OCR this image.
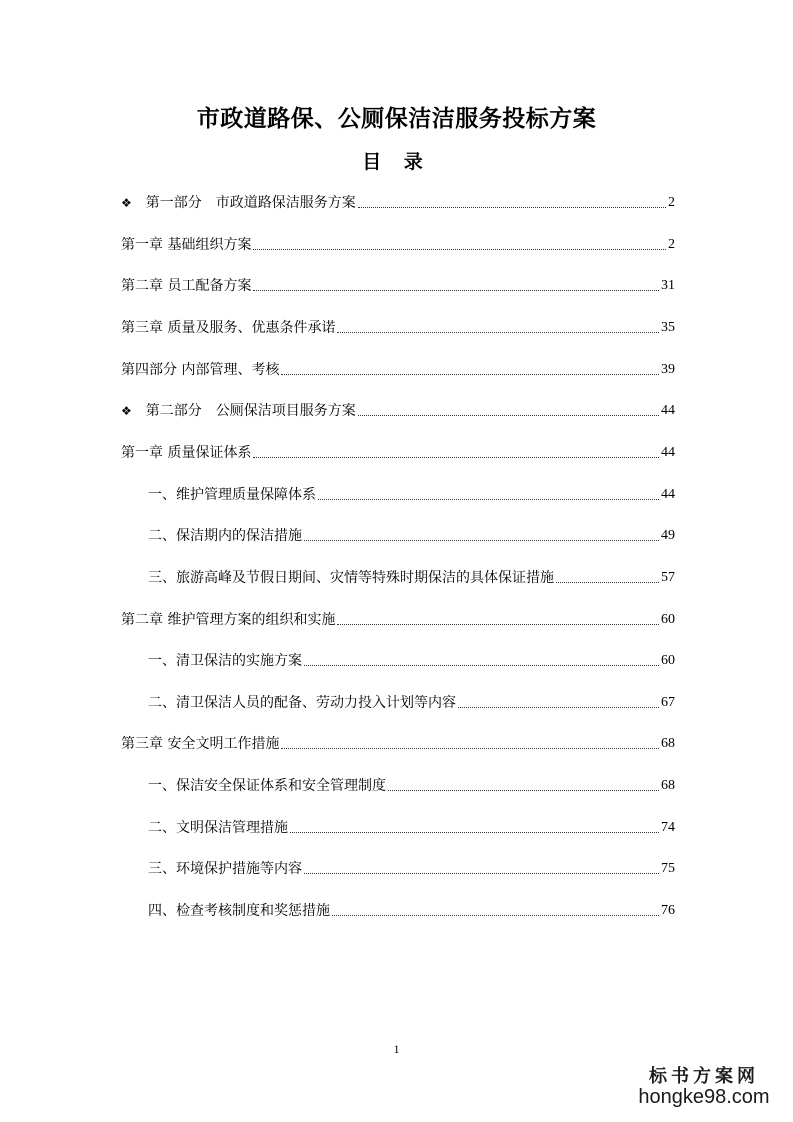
市政道路保、公厕保洁洁服务投标方案
目 录
❖ 第一部分　市政道路保洁服务方案	2
第一章 基础组织方案	2
第二章 员工配备方案	31
第三章 质量及服务、优惠条件承诺	35
第四部分 内部管理、考核	39
❖ 第二部分　公厕保洁项目服务方案	44
第一章 质量保证体系	44
一、维护管理质量保障体系	44
二、保洁期内的保洁措施	49
三、旅游高峰及节假日期间、灾情等特殊时期保洁的具体保证措施	57
第二章 维护管理方案的组织和实施	60
一、清卫保洁的实施方案	60
二、清卫保洁人员的配备、劳动力投入计划等内容	67
第三章 安全文明工作措施	68
一、保洁安全保证体系和安全管理制度	68
二、文明保洁管理措施	74
三、环境保护措施等内容	75
四、检查考核制度和奖惩措施	76
1
标书方案网
hongke98.com
